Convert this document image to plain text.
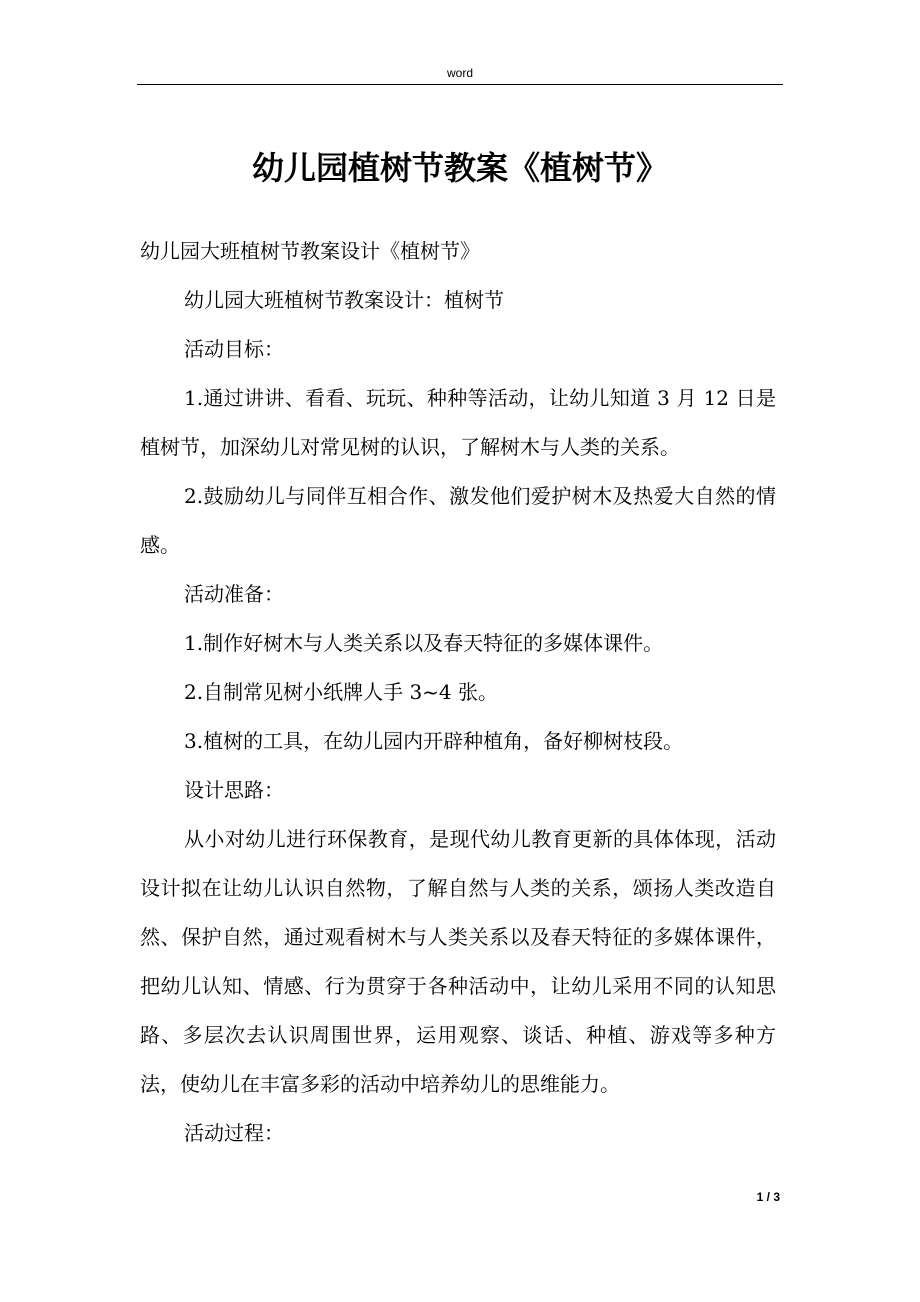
word
幼儿园植树节教案《植树节》

幼儿园大班植树节教案设计《植树节》

幼儿园大班植树节教案设计：植树节

活动目标：

1.通过讲讲、看看、玩玩、种种等活动，让幼儿知道 3 月 12 日是植树节，加深幼儿对常见树的认识，了解树木与人类的关系。

2.鼓励幼儿与同伴互相合作、激发他们爱护树木及热爱大自然的情感。

活动准备：

1.制作好树木与人类关系以及春天特征的多媒体课件。

2.自制常见树小纸牌人手 3~4 张。

3.植树的工具，在幼儿园内开辟种植角，备好柳树枝段。

设计思路：

从小对幼儿进行环保教育，是现代幼儿教育更新的具体体现，活动设计拟在让幼儿认识自然物，了解自然与人类的关系，颂扬人类改造自然、保护自然，通过观看树木与人类关系以及春天特征的多媒体课件，把幼儿认知、情感、行为贯穿于各种活动中，让幼儿采用不同的认知思路、多层次去认识周围世界，运用观察、谈话、种植、游戏等多种方法，使幼儿在丰富多彩的活动中培养幼儿的思维能力。

活动过程：

1 / 3
